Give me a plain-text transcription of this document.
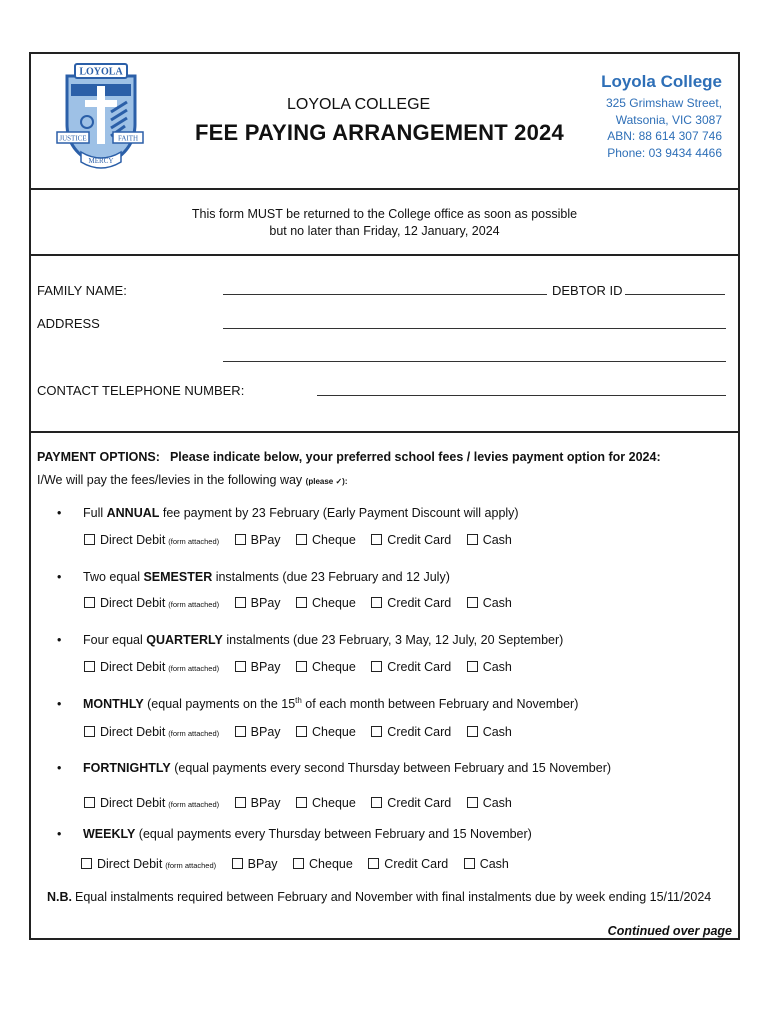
LOYOLA
JUSTICE	FAITH
MERCY
LOYOLA COLLEGE
FEE PAYING ARRANGEMENT 2024
Loyola College
325 Grimshaw Street,
Watsonia, VIC 3087
ABN: 88 614 307 746
Phone: 03 9434 4466
This form MUST be returned to the College office as soon as possible
but no later than Friday, 12 January, 2024
FAMILY NAME:	DEBTOR ID
ADDRESS
CONTACT TELEPHONE NUMBER:
PAYMENT OPTIONS: Please indicate below, your preferred school fees / levies payment option for 2024:
I/We will pay the fees/levies in the following way (please ✓):
• Full ANNUAL fee payment by 23 February (Early Payment Discount will apply)
Direct Debit (form attached)	BPay	Cheque	Credit Card	Cash
• Two equal SEMESTER instalments (due 23 February and 12 July)
Direct Debit (form attached)	BPay	Cheque	Credit Card	Cash
• Four equal QUARTERLY instalments (due 23 February, 3 May, 12 July, 20 September)
Direct Debit (form attached)	BPay	Cheque	Credit Card	Cash
• MONTHLY (equal payments on the 15th of each month between February and November)
Direct Debit (form attached)	BPay	Cheque	Credit Card	Cash
• FORTNIGHTLY (equal payments every second Thursday between February and 15 November)
Direct Debit (form attached)	BPay	Cheque	Credit Card	Cash
• WEEKLY (equal payments every Thursday between February and 15 November)
Direct Debit (form attached)	BPay	Cheque	Credit Card	Cash
N.B. Equal instalments required between February and November with final instalments due by week ending 15/11/2024
Continued over page
